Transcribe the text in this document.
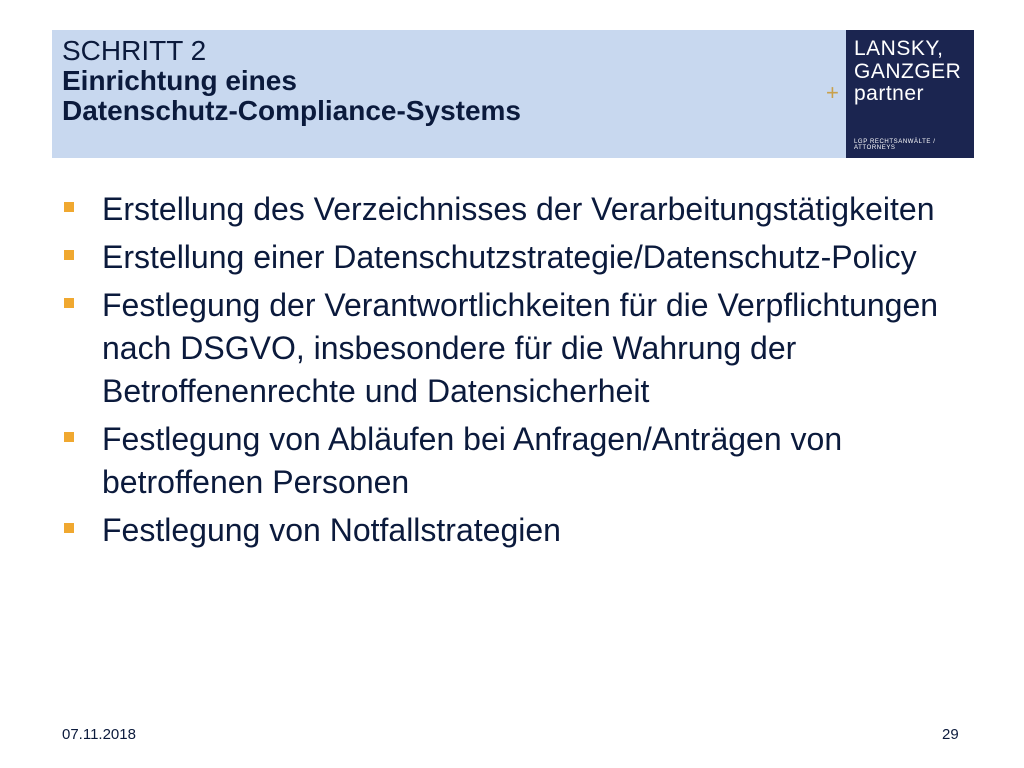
SCHRITT 2
Einrichtung eines
Datenschutz-Compliance-Systems
+
LANSKY,
GANZGER
partner
LGP RECHTSANWÄLTE / ATTORNEYS
Erstellung des Verzeichnisses der Verarbeitungstätigkeiten
Erstellung einer Datenschutzstrategie/Datenschutz-Policy
Festlegung der Verantwortlichkeiten für die Verpflichtungen nach DSGVO, insbesondere für die Wahrung der Betroffenenrechte und Datensicherheit
Festlegung von Abläufen bei Anfragen/Anträgen von betroffenen Personen
Festlegung von Notfallstrategien
07.11.2018	29
